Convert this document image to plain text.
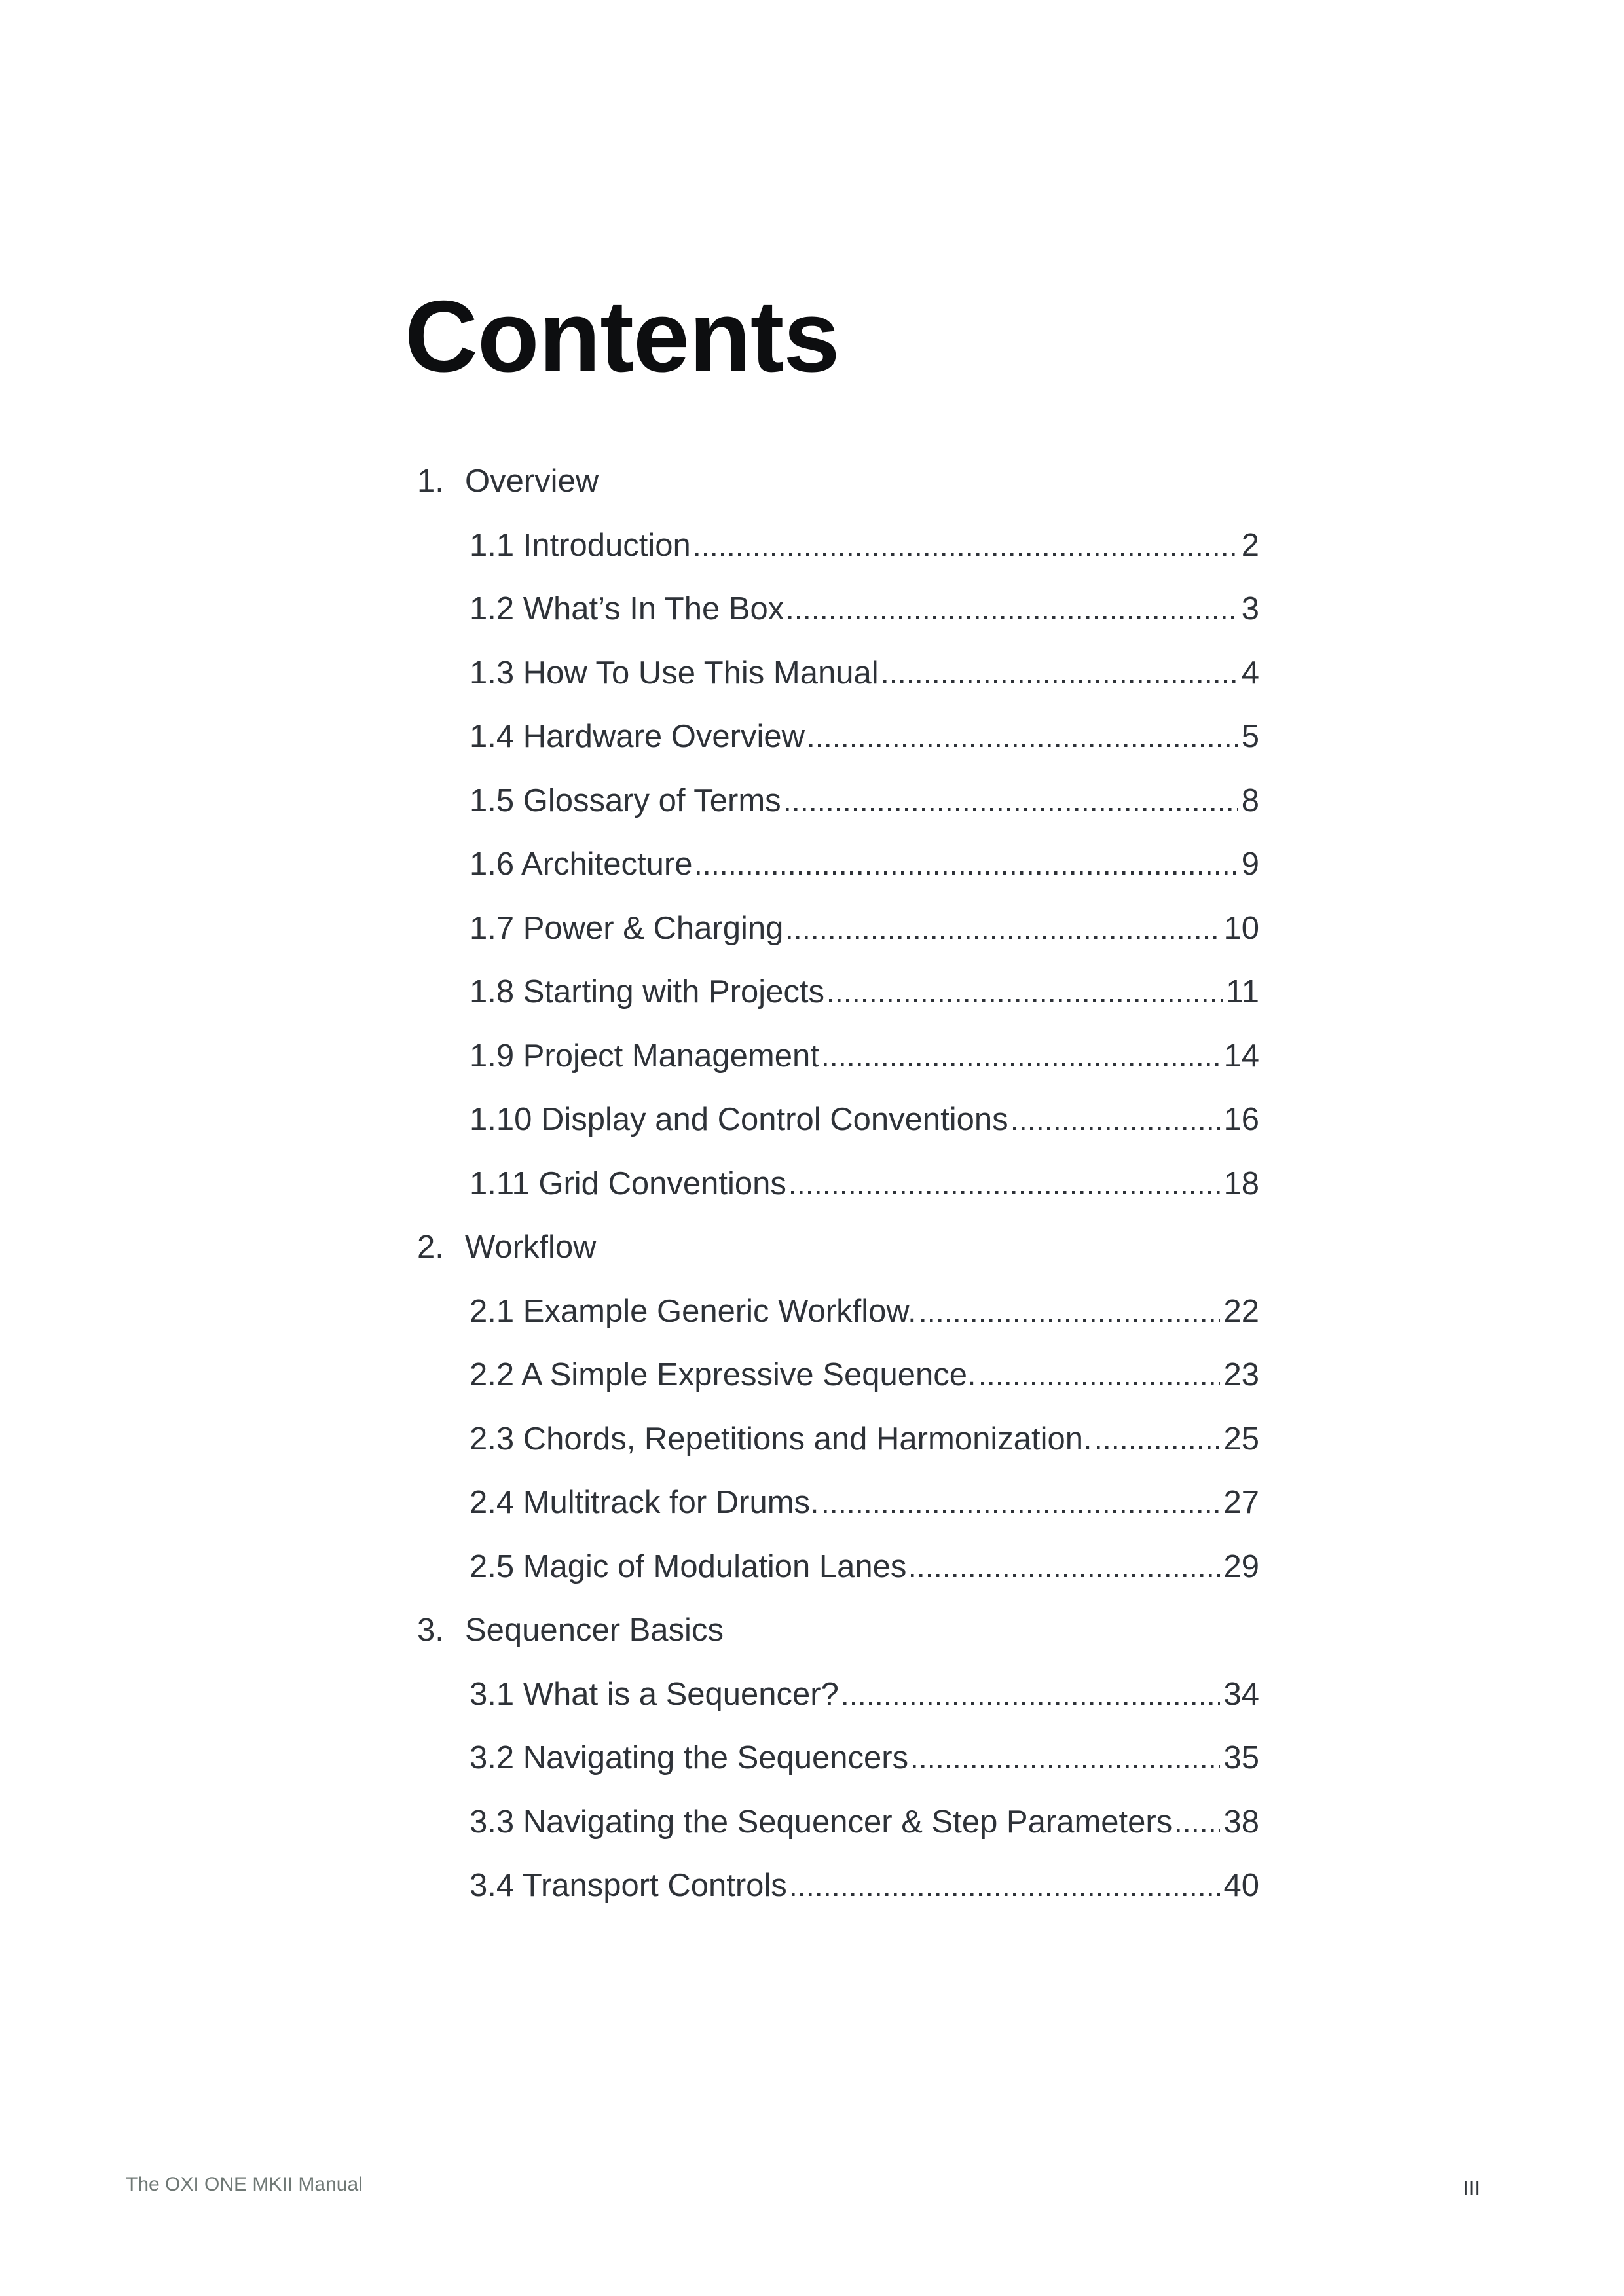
Contents
1. Overview
1.1 Introduction	2
1.2 What’s In The Box	3
1.3 How To Use This Manual	4
1.4 Hardware Overview	5
1.5 Glossary of Terms	8
1.6 Architecture	9
1.7 Power & Charging	10
1.8 Starting with Projects	11
1.9 Project Management	14
1.10 Display and Control Conventions	16
1.11 Grid Conventions	18
2. Workflow
2.1 Example Generic Workflow.	22
2.2 A Simple Expressive Sequence.	23
2.3 Chords, Repetitions and Harmonization.	25
2.4 Multitrack for Drums.	27
2.5 Magic of Modulation Lanes	29
3. Sequencer Basics
3.1 What is a Sequencer?	34
3.2 Navigating the Sequencers	35
3.3 Navigating the Sequencer & Step Parameters 38
3.4 Transport Controls	40
The OXI ONE MKII Manual	III
